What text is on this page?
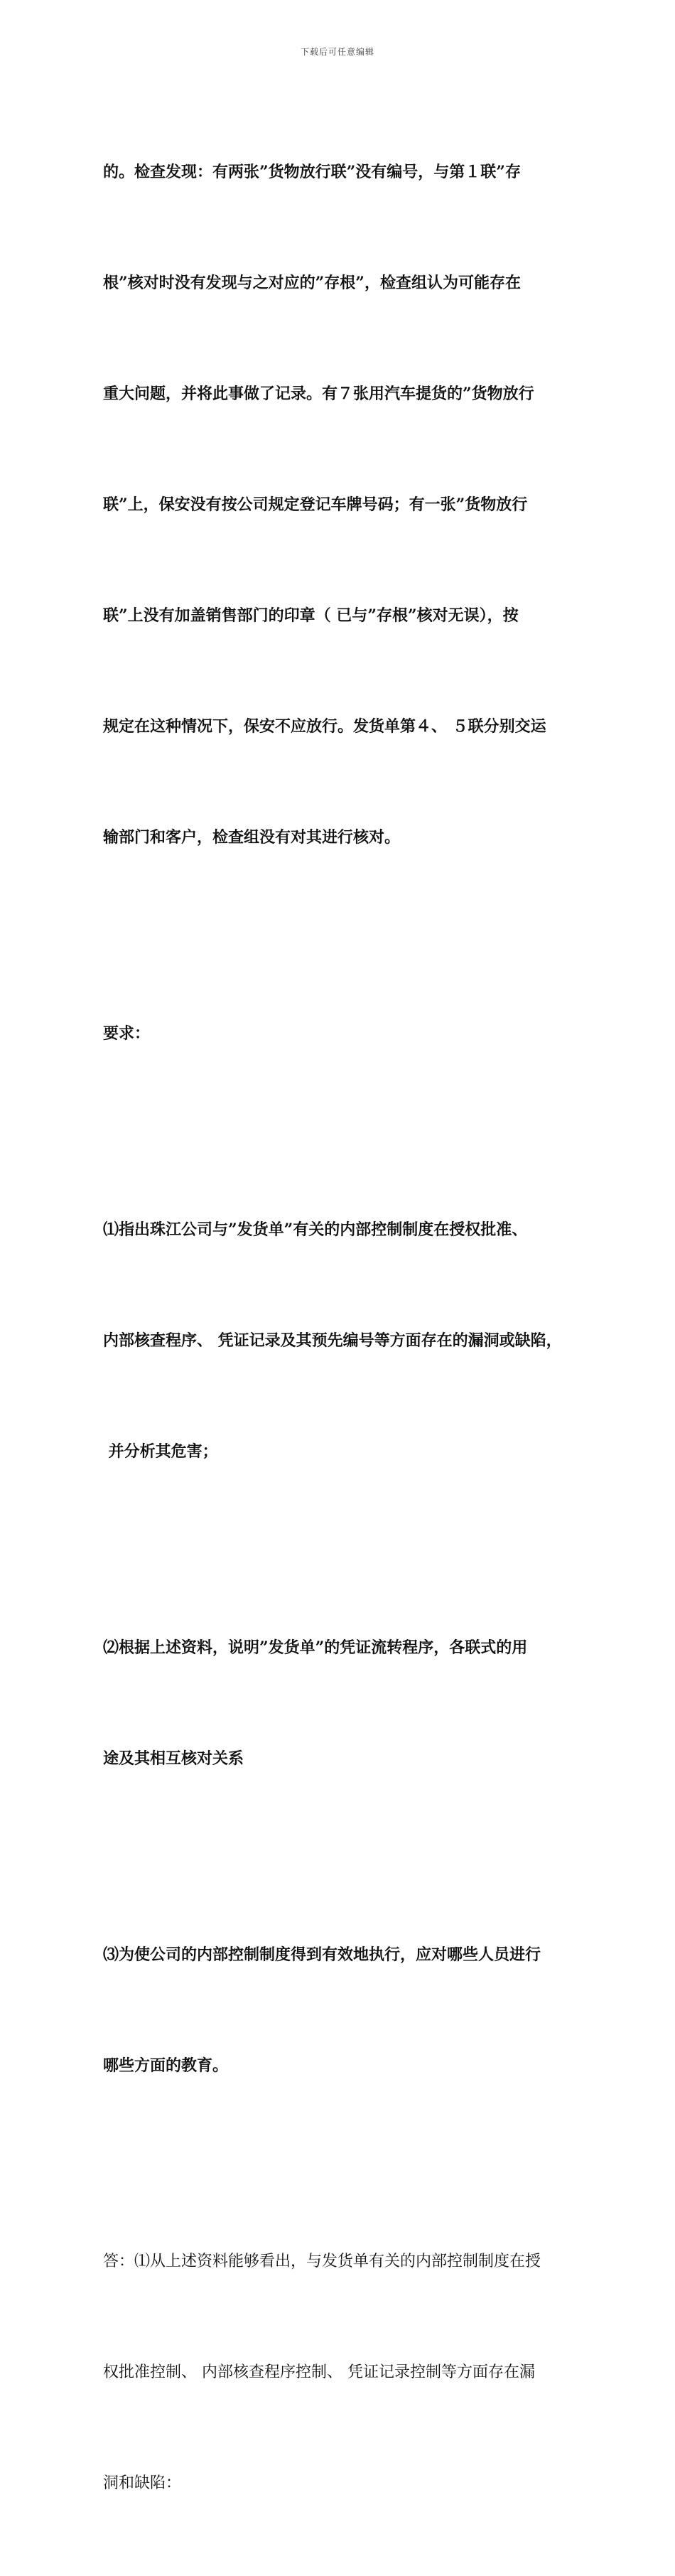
下载后可任意编辑

的。检查发现：有两张”货物放行联”没有编号，与第１联”存

根”核对时没有发现与之对应的”存根”，检查组认为可能存在

重大问题，并将此事做了记录。有７张用汽车提货的”货物放行

联”上，保安没有按公司规定登记车牌号码；有一张”货物放行

联”上没有加盖销售部门的印章（ 已与”存根”核对无误），按

规定在这种情况下，保安不应放行。发货单第４、 ５联分别交运

输部门和客户，检查组没有对其进行核对。

要求：

⑴指出珠江公司与”发货单”有关的内部控制制度在授权批准、

内部核查程序、 凭证记录及其预先编号等方面存在的漏洞或缺陷，

并分析其危害；

⑵根据上述资料，说明”发货单”的凭证流转程序，各联式的用

途及其相互核对关系

⑶为使公司的内部控制制度得到有效地执行，应对哪些人员进行

哪些方面的教育。

答：⑴从上述资料能够看出，与发货单有关的内部控制制度在授

权批准控制、 内部核查程序控制、 凭证记录控制等方面存在漏

洞和缺陷：
